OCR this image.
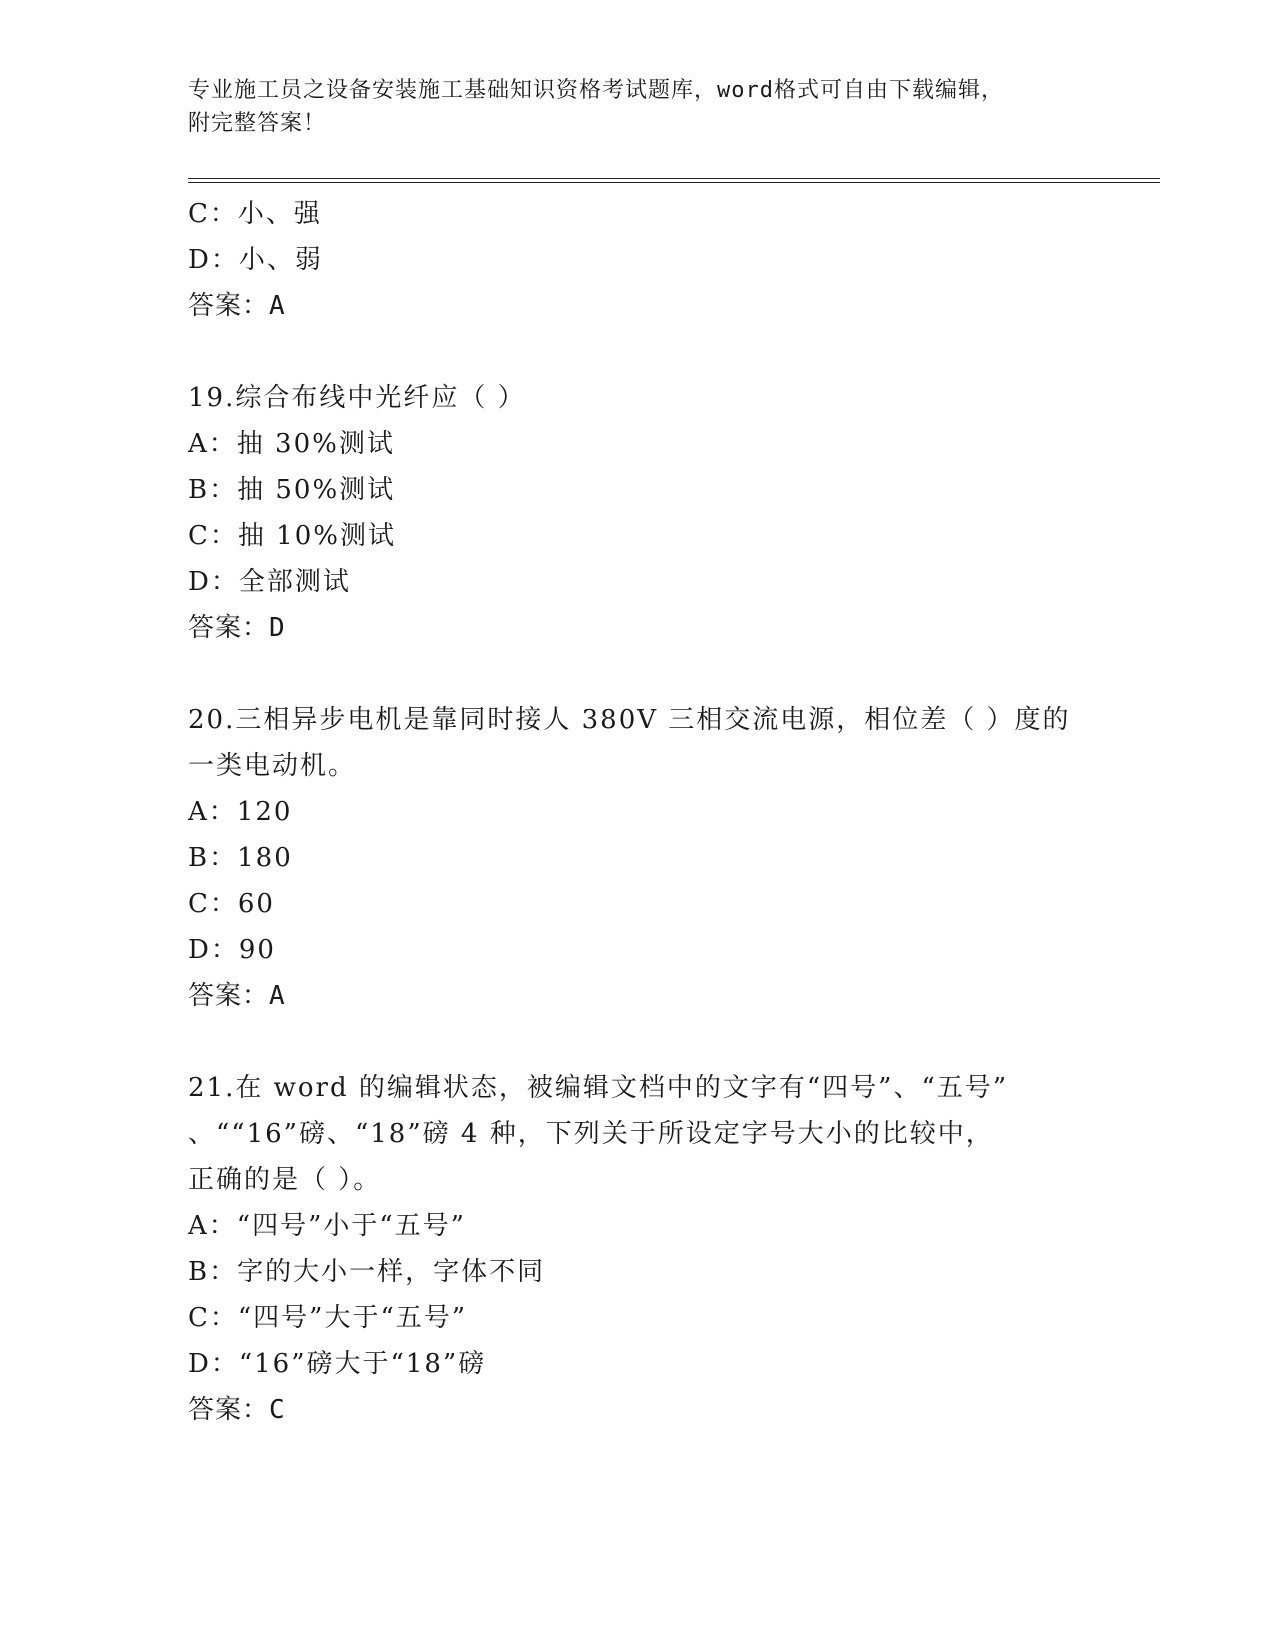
专业施工员之设备安装施工基础知识资格考试题库，word格式可自由下载编辑，
附完整答案！
C：小、强
D：小、弱
答案：A
19.综合布线中光纤应（ ）
A：抽 30%测试
B：抽 50%测试
C：抽 10%测试
D：全部测试
答案：D
20.三相异步电机是靠同时接人 380V 三相交流电源，相位差（ ）度的
一类电动机。
A：120
B：180
C：60
D：90
答案：A
21.在 word 的编辑状态，被编辑文档中的文字有“四号”、“五号”
、““16”磅、“18”磅 4 种，下列关于所设定字号大小的比较中，
正确的是（ ）。
A：“四号”小于“五号”
B：字的大小一样，字体不同
C：“四号”大于“五号”
D：“16”磅大于“18”磅
答案：C
